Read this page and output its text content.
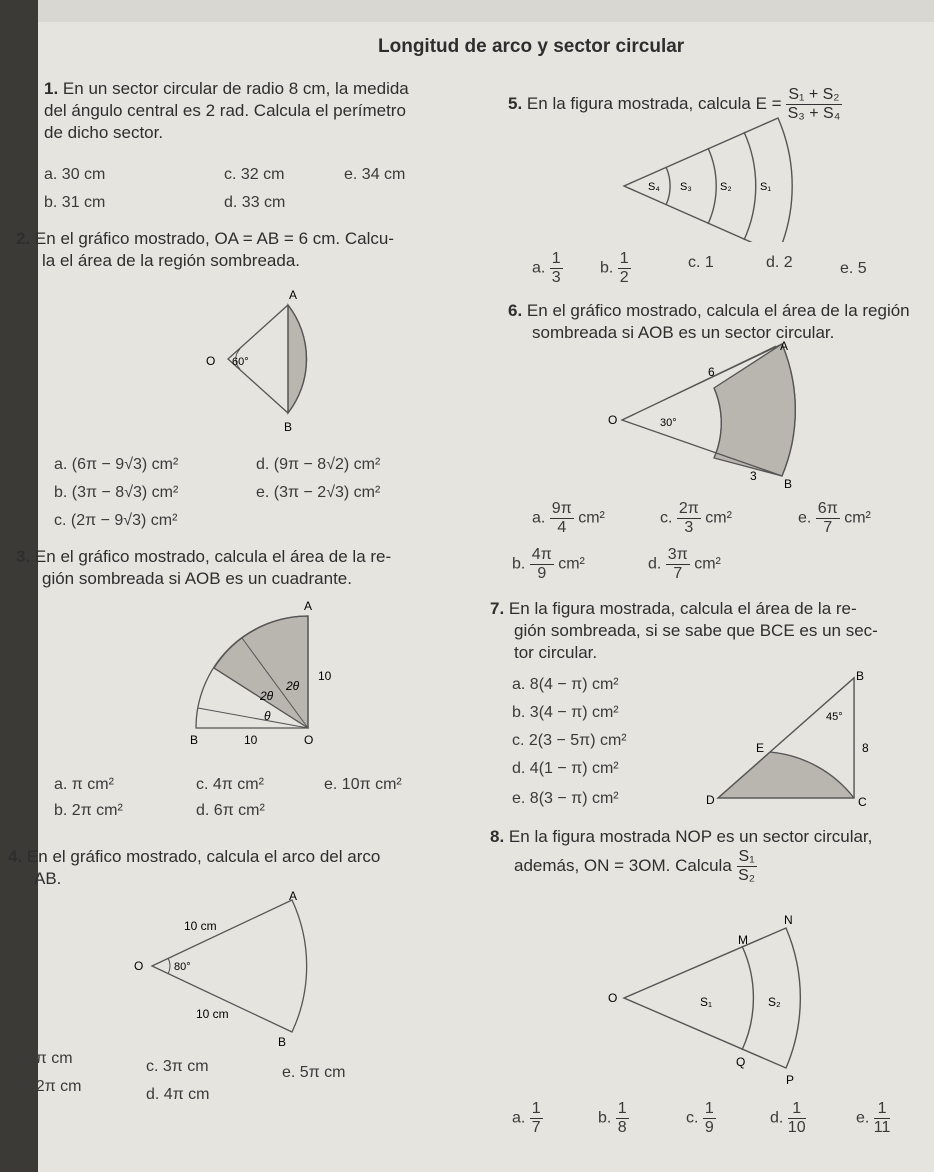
Longitud de arco y sector circular
1. En un sector circular de radio 8 cm, la medida
del ángulo central es 2 rad. Calcula el perímetro
de dicho sector.
a. 30 cm
b. 31 cm
c. 32 cm
d. 33 cm
e. 34 cm
2. En el gráfico mostrado, OA = AB = 6 cm. Calcu-
la el área de la región sombreada.
A
O
B
60°
a. (6π − 9√3) cm²
b. (3π − 8√3) cm²
c. (2π − 9√3) cm²
d. (9π − 8√2) cm²
e. (3π − 2√3) cm²
3. En el gráfico mostrado, calcula el área de la re-
gión sombreada si AOB es un cuadrante.
A
B	O
10
10
2θ
2θ
θ
a. π cm²
b. 2π cm²
c. 4π cm²
d. 6π cm²
e. 10π cm²
4. En el gráfico mostrado, calcula el arco del arco
AB.
A
O
B
10 cm
10 cm
80°
a. π cm
b. 2π cm
c. 3π cm
d. 4π cm
e. 5π cm
5. En la figura mostrada, calcula $E = \frac{\text{S₁ + S₂}}{\text{S₃ + S₄}}$
S₄ S₃	S₂	S₁
a. $\frac{1}{3} b$. $\frac{1}{2}$	c. 1	d. 2	e. 5
6. En el gráfico mostrado, calcula el área de la región
sombreada si AOB es un sector circular.
A
O
B
6
3
30°
a. $\frac{9\pi}{4} cm^2$
b. $\frac{4\pi}{9} cm^2$
c. $\frac{2\pi}{3} cm^2$
d. $\frac{3\pi}{7} cm^2$
e. $\frac{6\pi}{7} cm^2$
7. En la figura mostrada, calcula el área de la re-
gión sombreada, si se sabe que BCE es un sec-
tor circular.
a. 8(4 − π) cm²
b. 3(4 − π) cm²
c. 2(3 − 5π) cm²
d. 4(1 − π) cm²
e. 8(3 − π) cm²
B
E
D	C
8
45°
8. En la figura mostrada NOP es un sector circular,
además, ON = 3OM. Calcula $\frac{\text{S₁}}{\text{S₂}}$
N
M
O
Q
P
S₁	S₂
a. $\frac{1}{7}$	b. $\frac{1}{8}$	c. $\frac{1}{9}$	d. $\frac{1}{10}$	e. $\frac{1}{11}$
